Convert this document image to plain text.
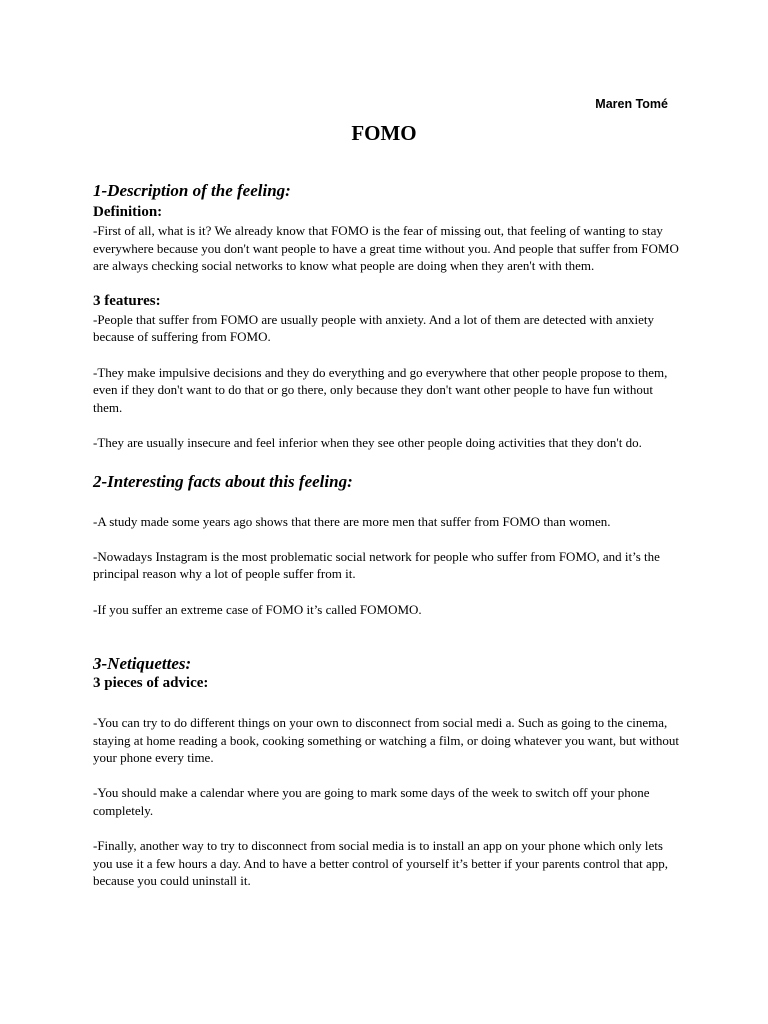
Maren Tomé
FOMO
1-Description of the feeling:
Definition:

-First of all, what is it? We already know that FOMO is the fear of missing out, that feeling of wanting to stay everywhere because you don't want people to have a great time without you. And people that suffer from FOMO are always checking social networks to know what people are doing when they aren't with them.

3 features:

-People that suffer from FOMO are usually people with anxiety. And a lot of them are detected with anxiety because of suffering from FOMO.

-They make impulsive decisions and they do everything and go everywhere that other people propose to them, even if they don't want to do that or go there, only because they don't want other people to have fun without them.

-They are usually insecure and feel inferior when they see other people doing activities that they don't do.

2-Interesting facts about this feeling:

-A study made some years ago shows that there are more men that suffer from FOMO than women.

-Nowadays Instagram is the most problematic social network for people who suffer from FOMO, and it’s the principal reason why a lot of people suffer from it.

-If you suffer an extreme case of FOMO it’s called FOMOMO.

3-Netiquettes:
3 pieces of advice:

-You can try to do different things on your own to disconnect from social medi a. Such as going to the cinema, staying at home reading a book, cooking something or watching a film, or doing whatever you want, but without your phone every time.

-You should make a calendar where you are going to mark some days of the week to switch off your phone completely.

-Finally, another way to try to disconnect from social media is to install an app on your phone which only lets you use it a few hours a day. And to have a better control of yourself it’s better if your parents control that app, because you could uninstall it.
